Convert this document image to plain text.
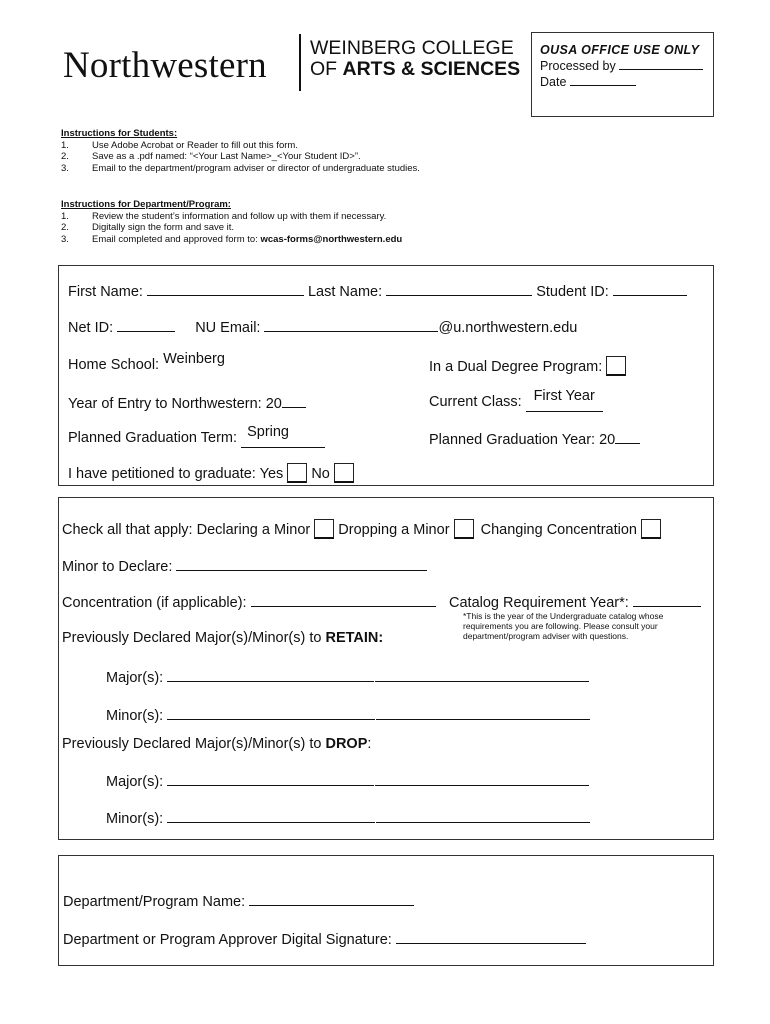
Northwestern WEINBERG COLLEGE
OF ARTS & SCIENCES
OUSA OFFICE USE ONLY
Processed by
Date
Instructions for Students:
1.	Use Adobe Acrobat or Reader to fill out this form.
2.	Save as a .pdf named: “<Your Last Name>_<Your Student ID>”.
3.	Email to the department/program adviser or director of undergraduate studies.
Instructions for Department/Program:
1.	Review the student’s information and follow up with them if necessary.
2.	Digitally sign the form and save it.
3.	Email completed and approved form to: wcas-forms@northwestern.edu
First Name:	Last Name:	Student ID:
Net ID:	NU Email:	@u.northwestern.edu
Home School: Weinberg	In a Dual Degree Program:
Year of Entry to Northwestern: 20	Current Class: First Year
Planned Graduation Term: Spring	Planned Graduation Year: 20
I have petitioned to graduate: Yes No
Check all that apply: Declaring a Minor Dropping a Minor Changing Concentration
Minor to Declare:
Concentration (if applicable):	Catalog Requirement Year*:
*This is the year of the Undergraduate catalog whose requirements you are following. Please consult your department/program adviser with questions.
Previously Declared Major(s)/Minor(s) to RETAIN:
Major(s):
Minor(s):
Previously Declared Major(s)/Minor(s) to DROP:
Major(s):
Minor(s):
Department/Program Name:
Department or Program Approver Digital Signature:
